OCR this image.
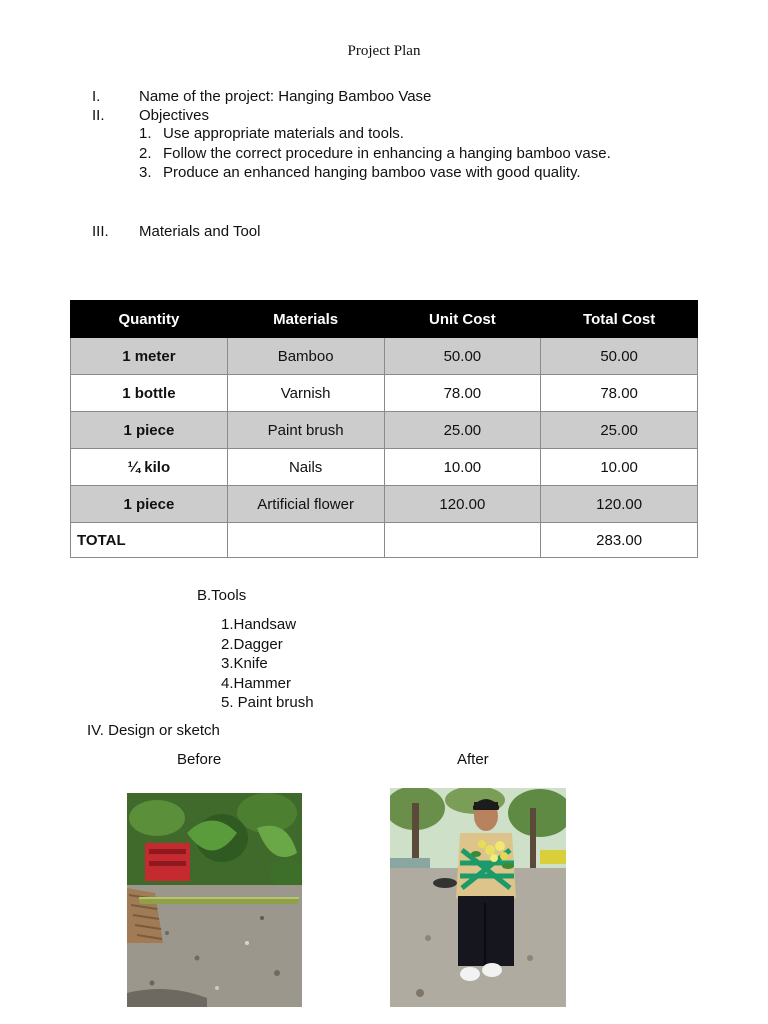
Project Plan
I.	Name of the project: Hanging Bamboo Vase
II. Objectives
1. Use appropriate materials and tools.
2. Follow the correct procedure in enhancing a hanging bamboo vase.
3. Produce an enhanced hanging bamboo vase with good quality.
III. Materials and Tool
Quantity	Materials	Unit Cost	Total Cost
1 meter	Bamboo	50.00	50.00
1 bottle	Varnish	78.00	78.00
1 piece	Paint brush	25.00	25.00
¼ kilo	Nails	10.00	10.00
1 piece	Artificial flower	120.00	120.00
TOTAL			283.00
B.Tools
1.Handsaw
2.Dagger
3.Knife
4.Hammer
5. Paint brush
IV. Design or sketch
Before	After
